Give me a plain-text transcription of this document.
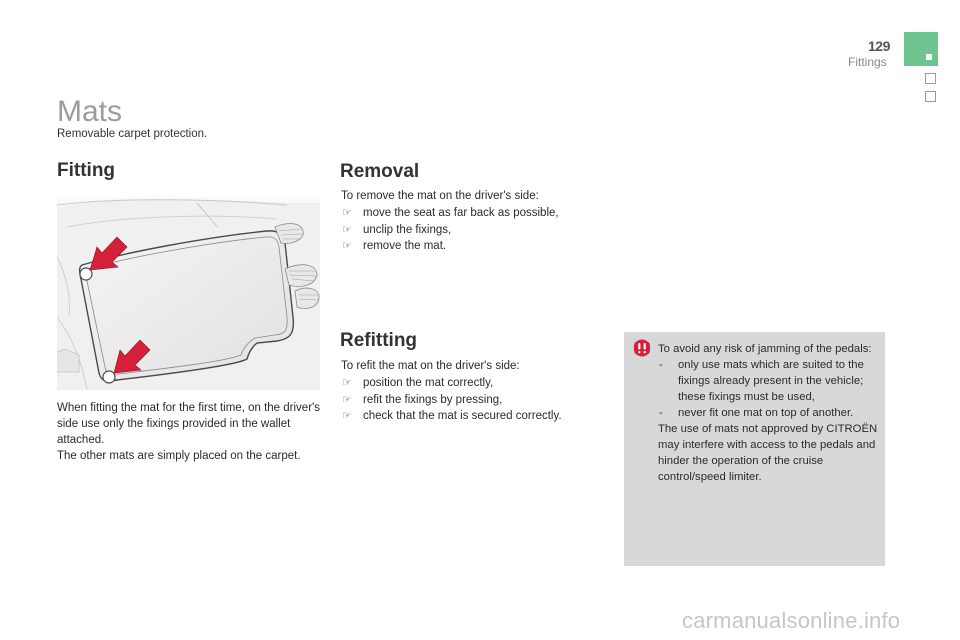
129
Fittings
Mats
Removable carpet protection.
Fitting

When fitting the mat for the first time, on the driver's side use only the fixings provided in the wallet attached.

The other mats are simply placed on the carpet.

Removal

To remove the mat on the driver's side:

☞ move the seat as far back as possible,
☞ unclip the fixings,
☞ remove the mat.
Refitting

To refit the mat on the driver's side:

☞ position the mat correctly,
☞ refit the fixings by pressing,
☞ check that the mat is secured correctly.

To avoid any risk of jamming of the pedals:

- only use mats which are suited to the fixings already present in the vehicle; these fixings must be used,

- never fit one mat on top of another.

The use of mats not approved by CITROËN may interfere with access to the pedals and hinder the operation of the cruise control/speed limiter.

carmanualsonline.info
